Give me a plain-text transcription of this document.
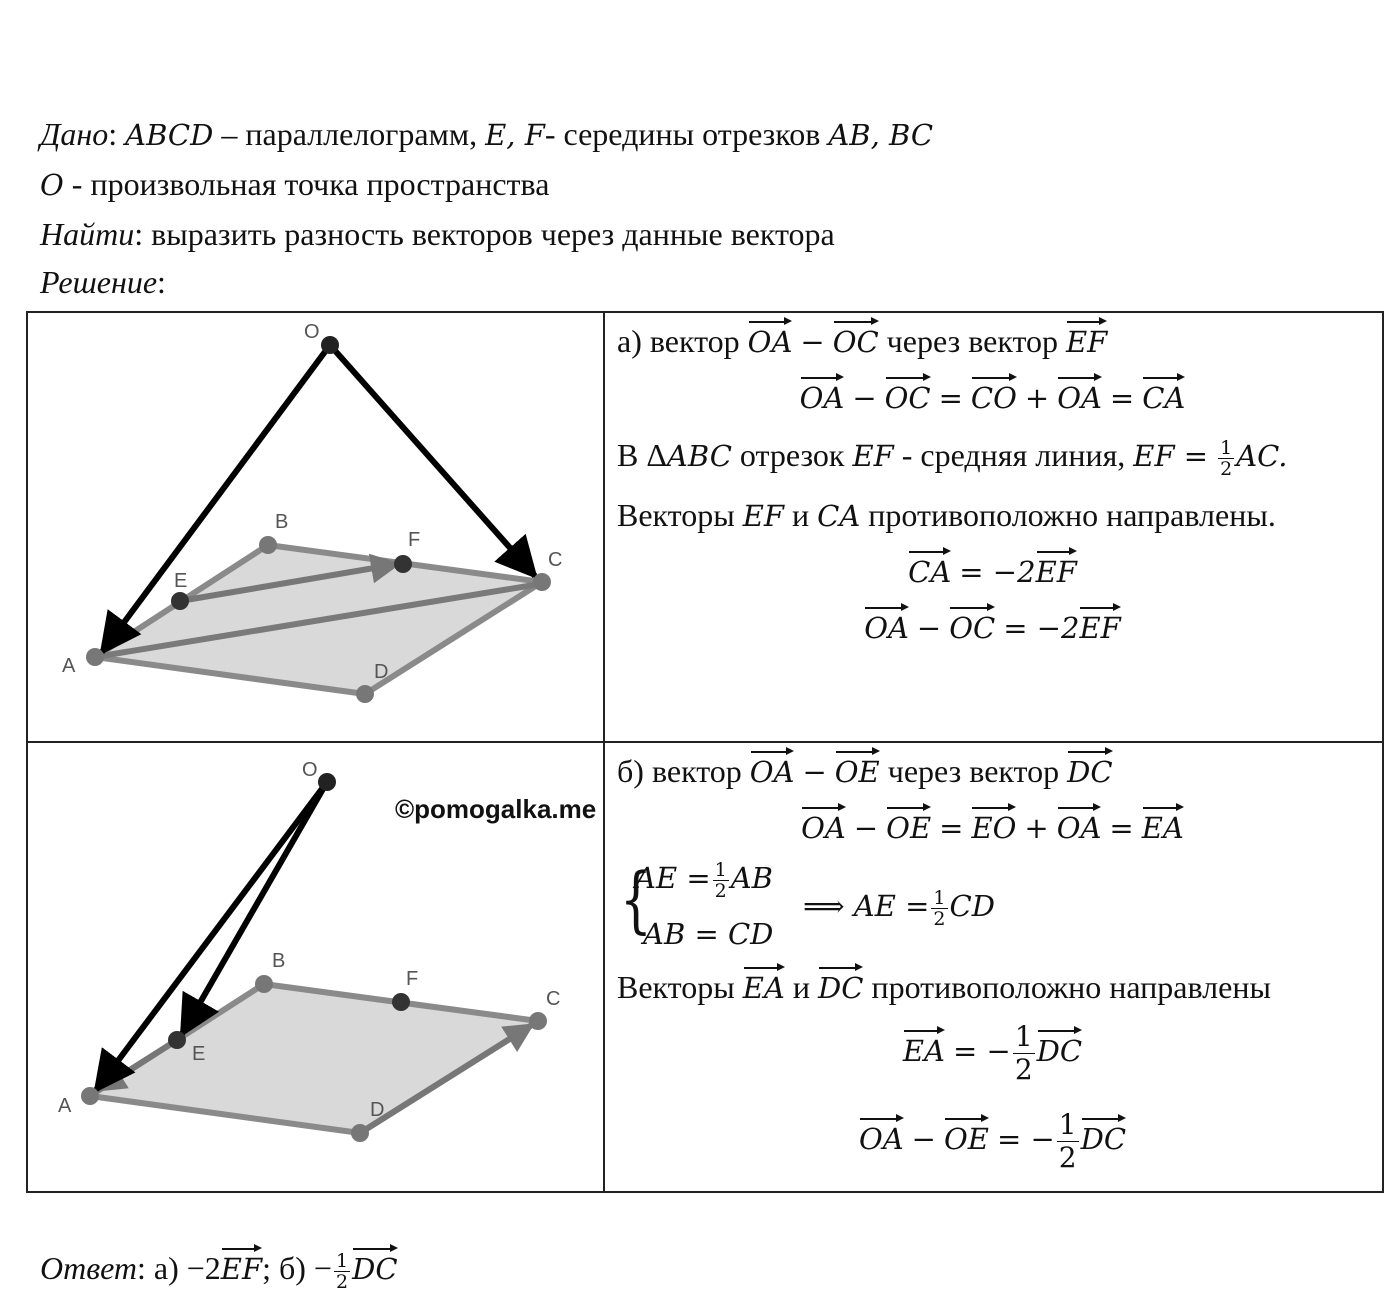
Дано: ABCD – параллелограмм, E, F- середины отрезков AB, BC
O - произвольная точка пространства
Найти: выразить разность векторов через данные вектора
Решение:

O
A
B
C
D
E
F
O
A
B
C
D
E
F
©pomogalka.me
а) вектор OA − OC через вектор EF
OA − OC = CO + OA = CA
В ΔABC отрезок EF - средняя линия, EF = $\frac{1}{2}$ AC.
Векторы EF и CA противоположно направлены.
CA = −2EF
OA − OC = −2EF
б) вектор OA − OE через вектор DC
OA − OE = EO + OA = EA
{
AE = $\frac{1}{2}$ AB
AB = CD
⟹ AE = $\frac{1}{2}$ CD
Векторы EA и DC противоположно направлены
EA = − $\frac{1}{2}$ DC
OA − OE = − $\frac{1}{2}$ DC
Ответ: а) −2EF; $б) - \frac{1}{2}$ DC
